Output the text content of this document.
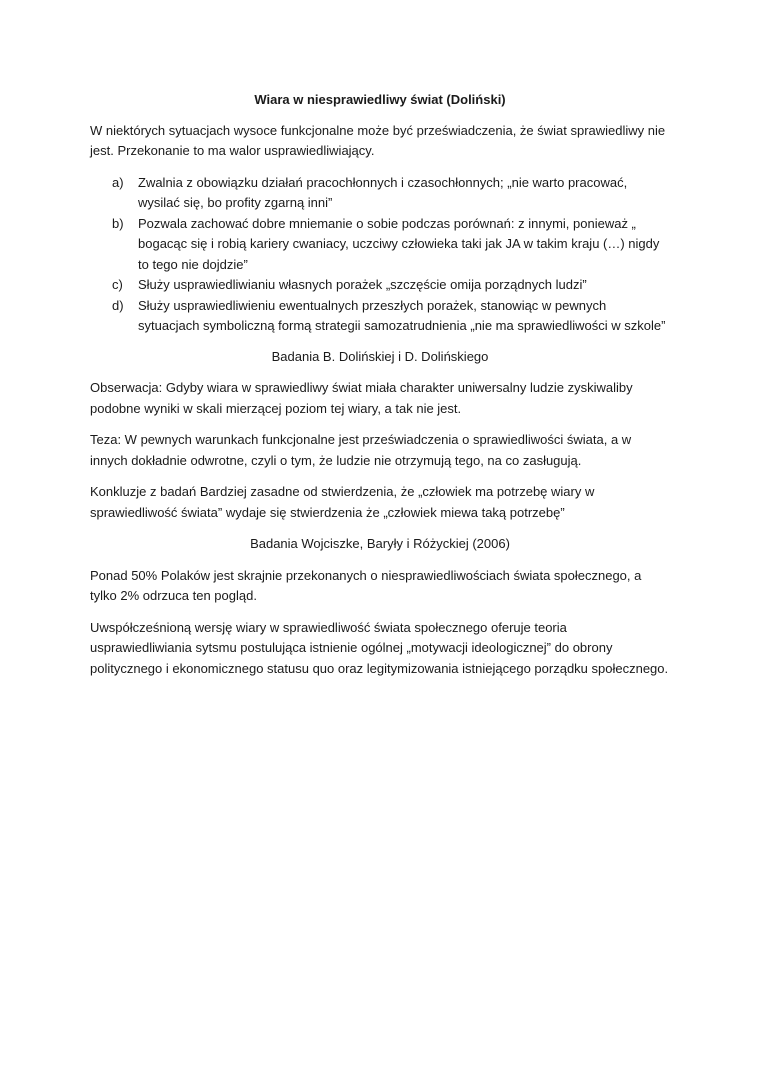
Wiara w niesprawiedliwy świat (Doliński)

W niektórych sytuacjach wysoce funkcjonalne może być przeświadczenia, że świat sprawiedliwy nie jest. Przekonanie to ma walor usprawiedliwiający.

a) Zwalnia z obowiązku działań pracochłonnych i czasochłonnych; „nie warto pracować, wysilać się, bo profity zgarną inni”
b) Pozwala zachować dobre mniemanie o sobie podczas porównań: z innymi, ponieważ „ bogacąc się i robią kariery cwaniacy, uczciwy człowieka taki jak JA w takim kraju (…) nigdy to tego nie dojdzie”
c) Służy usprawiedliwianiu własnych porażek „szczęście omija porządnych ludzi”
d) Służy usprawiedliwieniu ewentualnych przeszłych porażek, stanowiąc w pewnych sytuacjach symboliczną formą strategii samozatrudnienia „nie ma sprawiedliwości w szkole”

Badania B. Dolińskiej i D. Dolińskiego

Obserwacja: Gdyby wiara w sprawiedliwy świat miała charakter uniwersalny ludzie zyskiwaliby podobne wyniki w skali mierzącej poziom tej wiary, a tak nie jest.

Teza: W pewnych warunkach funkcjonalne jest przeświadczenia o sprawiedliwości świata, a w innych dokładnie odwrotne, czyli o tym, że ludzie nie otrzymują tego, na co zasługują.

Konkluzje z badań Bardziej zasadne od stwierdzenia, że „człowiek ma potrzebę wiary w sprawiedliwość świata” wydaje się stwierdzenia że „człowiek miewa taką potrzebę”

Badania Wojciszke, Baryły i Różyckiej (2006)

Ponad 50% Polaków jest skrajnie przekonanych o niesprawiedliwościach świata społecznego, a tylko 2% odrzuca ten pogląd.

Uwspółcześnioną wersję wiary w sprawiedliwość świata społecznego oferuje teoria usprawiedliwiania sytsmu postulująca istnienie ogólnej „motywacji ideologicznej” do obrony politycznego i ekonomicznego statusu quo oraz legitymizowania istniejącego porządku społecznego.
